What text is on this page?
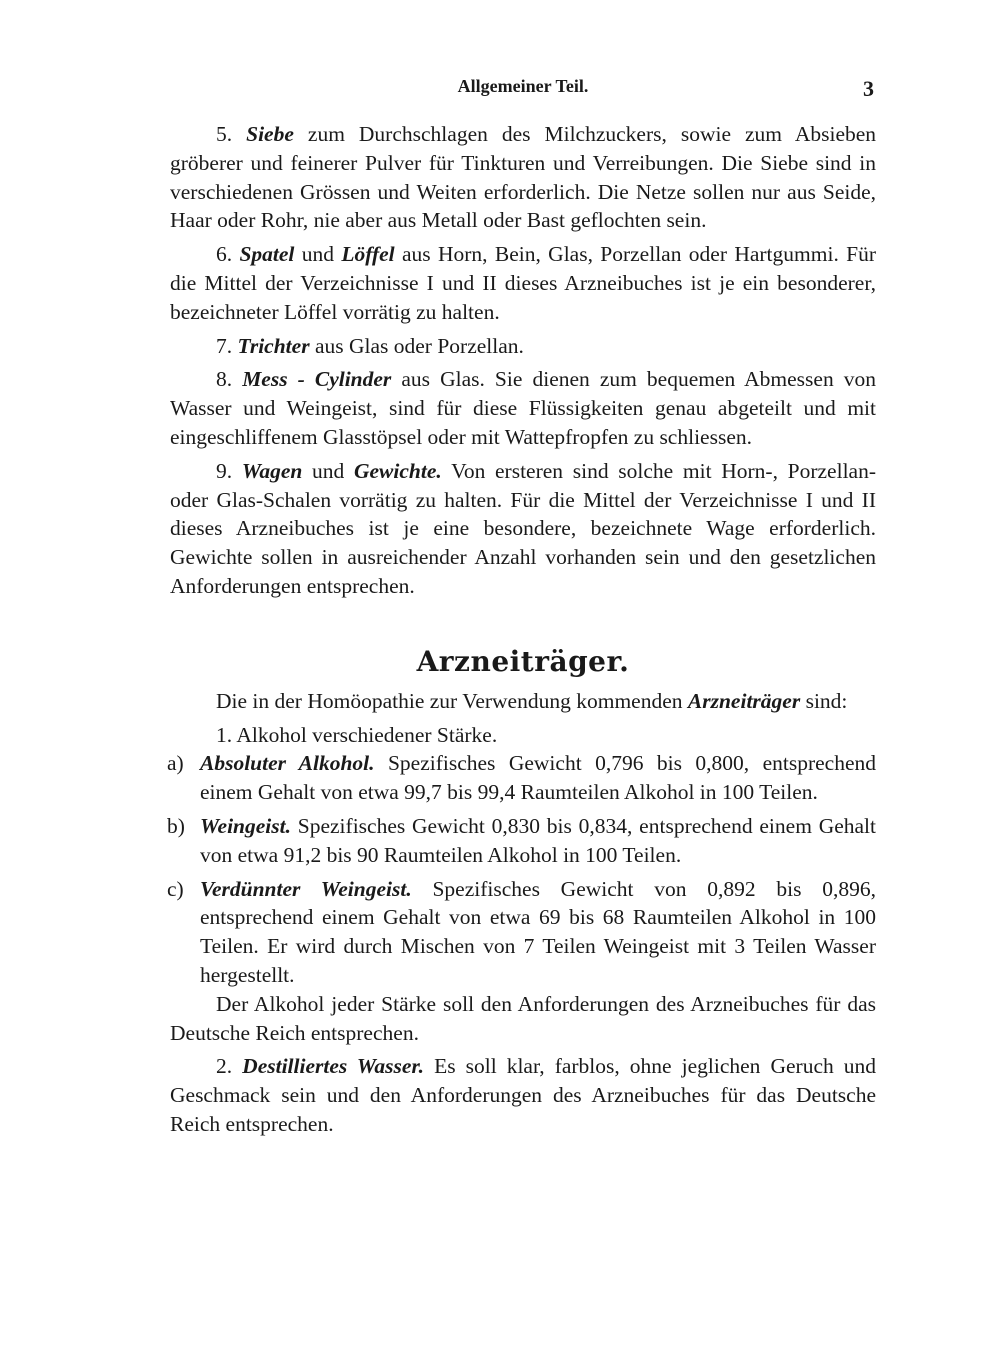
Allgemeiner Teil.	3

5. Siebe zum Durchschlagen des Milchzuckers, sowie zum Absieben gröberer und feinerer Pulver für Tinkturen und Verreibungen. Die Siebe sind in verschiedenen Grössen und Weiten erforderlich. Die Netze sollen nur aus Seide, Haar oder Rohr, nie aber aus Metall oder Bast geflochten sein.

6. Spatel und Löffel aus Horn, Bein, Glas, Porzellan oder Hartgummi. Für die Mittel der Verzeichnisse I und II dieses Arzneibuches ist je ein besonderer, bezeichneter Löffel vorrätig zu halten.

7. Trichter aus Glas oder Porzellan.

8. Mess - Cylinder aus Glas. Sie dienen zum bequemen Abmessen von Wasser und Weingeist, sind für diese Flüssigkeiten genau abgeteilt und mit eingeschliffenem Glasstöpsel oder mit Wattepfropfen zu schliessen.

9. Wagen und Gewichte. Von ersteren sind solche mit Horn-, Porzellan- oder Glas-Schalen vorrätig zu halten. Für die Mittel der Verzeichnisse I und II dieses Arzneibuches ist je eine besondere, bezeichnete Wage erforderlich. Gewichte sollen in ausreichender Anzahl vorhanden sein und den gesetzlichen Anforderungen entsprechen.

Arzneiträger.

Die in der Homöopathie zur Verwendung kommenden Arzneiträger sind:

1. Alkohol verschiedener Stärke.

a) Absoluter Alkohol. Spezifisches Gewicht 0,796 bis 0,800, entsprechend einem Gehalt von etwa 99,7 bis 99,4 Raumteilen Alkohol in 100 Teilen.
b) Weingeist. Spezifisches Gewicht 0,830 bis 0,834, entsprechend einem Gehalt von etwa 91,2 bis 90 Raumteilen Alkohol in 100 Teilen.
c) Verdünnter Weingeist. Spezifisches Gewicht von 0,892 bis 0,896, entsprechend einem Gehalt von etwa 69 bis 68 Raumteilen Alkohol in 100 Teilen. Er wird durch Mischen von 7 Teilen Weingeist mit 3 Teilen Wasser hergestellt.

Der Alkohol jeder Stärke soll den Anforderungen des Arzneibuches für das Deutsche Reich entsprechen.

2. Destilliertes Wasser. Es soll klar, farblos, ohne jeglichen Geruch und Geschmack sein und den Anforderungen des Arzneibuches für das Deutsche Reich entsprechen.
